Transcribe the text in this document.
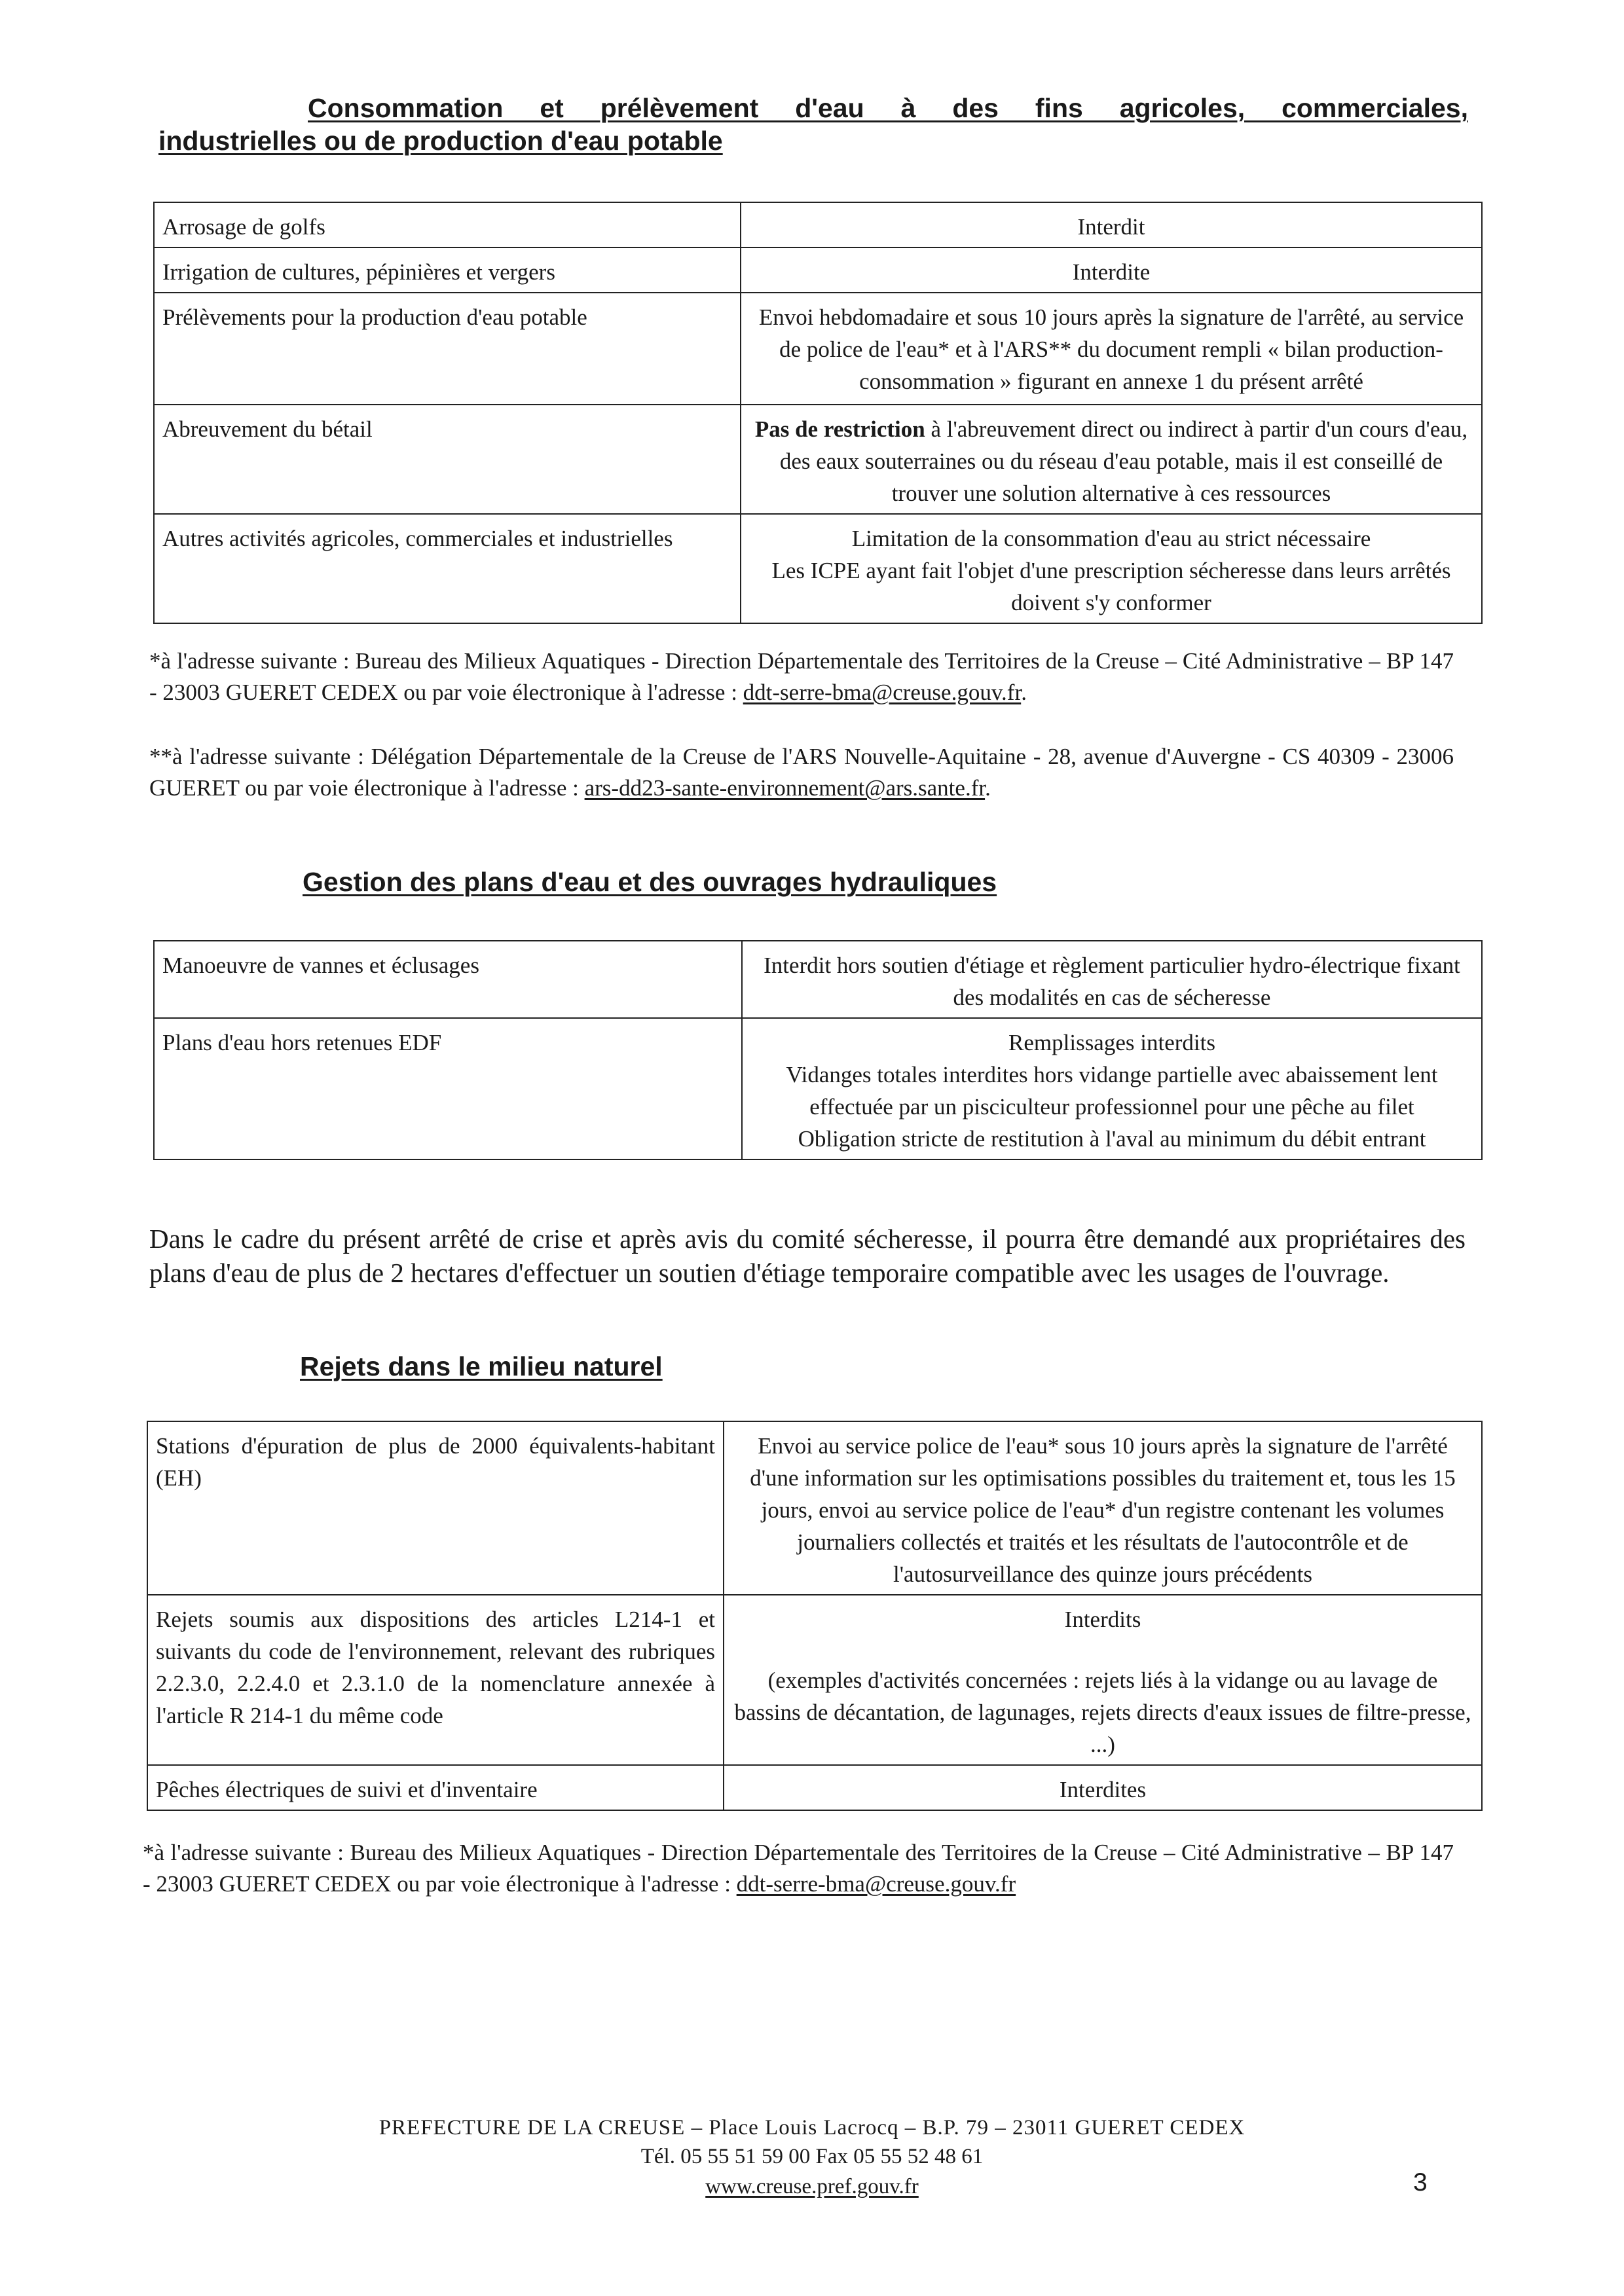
Consommation et prélèvement d'eau à des fins agricoles, commerciales,
industrielles ou de production d'eau potable
Arrosage de golfs	Interdit
Irrigation de cultures, pépinières et vergers	Interdite
Prélèvements pour la production d'eau potable	Envoi hebdomadaire et sous 10 jours après la signature de l'arrêté, au service de police de l'eau* et à l'ARS** du document rempli « bilan production-consommation » figurant en annexe 1 du présent arrêté
Abreuvement du bétail	Pas de restriction à l'abreuvement direct ou indirect à partir d'un cours d'eau, des eaux souterraines ou du réseau d'eau potable, mais il est conseillé de trouver une solution alternative à ces ressources
Autres activités agricoles, commerciales et industrielles	Limitation de la consommation d'eau au strict nécessaire
Les ICPE ayant fait l'objet d'une prescription sécheresse dans leurs arrêtés doivent s'y conformer

*à l'adresse suivante : Bureau des Milieux Aquatiques - Direction Départementale des Territoires de la Creuse – Cité Administrative – BP 147 - 23003 GUERET CEDEX ou par voie électronique à l'adresse : ddt-serre-bma@creuse.gouv.fr.

**à l'adresse suivante : Délégation Départementale de la Creuse de l'ARS Nouvelle-Aquitaine - 28, avenue d'Auvergne - CS 40309 - 23006 GUERET ou par voie électronique à l'adresse : ars-dd23-sante-environnement@ars.sante.fr.

Gestion des plans d'eau et des ouvrages hydrauliques
Manoeuvre de vannes et éclusages	Interdit hors soutien d'étiage et règlement particulier hydro-électrique fixant des modalités en cas de sécheresse
Plans d'eau hors retenues EDF	Remplissages interdits
Vidanges totales interdites hors vidange partielle avec abaissement lent effectuée par un pisciculteur professionnel pour une pêche au filet
Obligation stricte de restitution à l'aval au minimum du débit entrant

Dans le cadre du présent arrêté de crise et après avis du comité sécheresse, il pourra être demandé aux propriétaires des plans d'eau de plus de 2 hectares d'effectuer un soutien d'étiage temporaire compatible avec les usages de l'ouvrage.

Rejets dans le milieu naturel
Stations d'épuration de plus de 2000 équivalents-habitant (EH)	Envoi au service police de l'eau* sous 10 jours après la signature de l'arrêté d'une information sur les optimisations possibles du traitement et, tous les 15 jours, envoi au service police de l'eau* d'un registre contenant les volumes journaliers collectés et traités et les résultats de l'autocontrôle et de l'autosurveillance des quinze jours précédents
Rejets soumis aux dispositions des articles L214-1 et suivants du code de l'environnement, relevant des rubriques 2.2.3.0, 2.2.4.0 et 2.3.1.0 de la nomenclature annexée à l'article R 214-1 du même code	Interdits
(exemples d'activités concernées : rejets liés à la vidange ou au lavage de bassins de décantation, de lagunages, rejets directs d'eaux issues de filtre-presse, ...)

Pêches électriques de suivi et d'inventaire	Interdites

*à l'adresse suivante : Bureau des Milieux Aquatiques - Direction Départementale des Territoires de la Creuse – Cité Administrative – BP 147 - 23003 GUERET CEDEX ou par voie électronique à l'adresse : ddt-serre-bma@creuse.gouv.fr

PREFECTURE DE LA CREUSE – Place Louis Lacrocq – B.P. 79 – 23011 GUERET CEDEX

Tél. 05 55 51 59 00 Fax 05 55 52 48 61

www.creuse.pref.gouv.fr	3
